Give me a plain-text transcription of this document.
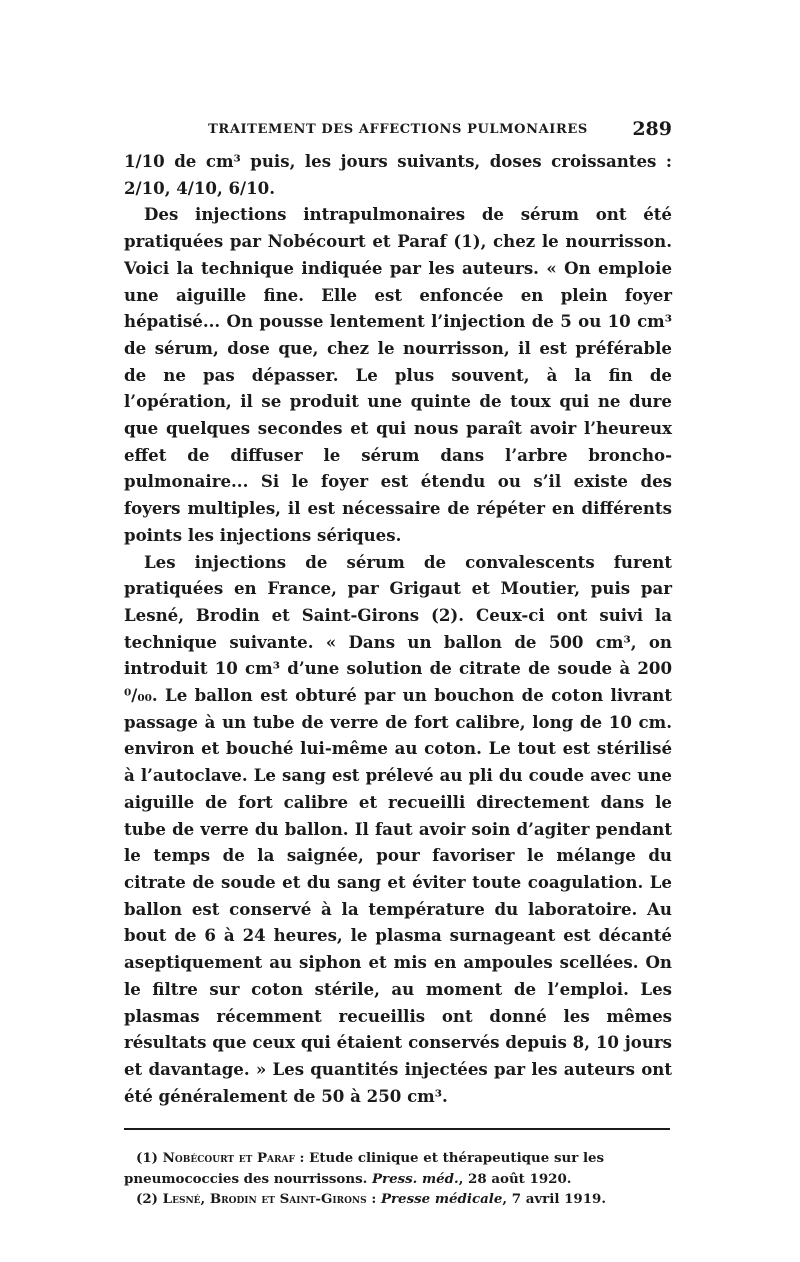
TRAITEMENT DES AFFECTIONS PULMONAIRES	289

1/10 de cm³ puis, les jours suivants, doses croissantes : 2/10, 4/10, 6/10.

Des injections intrapulmonaires de sérum ont été pratiquées par Nobécourt et Paraf (1), chez le nourrisson. Voici la technique indiquée par les auteurs. « On emploie une aiguille fine. Elle est enfoncée en plein foyer hépatisé... On pousse lentement l’injection de 5 ou 10 cm³ de sérum, dose que, chez le nourrisson, il est préférable de ne pas dépasser. Le plus souvent, à la fin de l’opération, il se produit une quinte de toux qui ne dure que quelques secondes et qui nous paraît avoir l’heureux effet de diffuser le sérum dans l’arbre broncho-pulmonaire... Si le foyer est étendu ou s’il existe des foyers multiples, il est nécessaire de répéter en différents points les injections sériques.

Les injections de sérum de convalescents furent pratiquées en France, par Grigaut et Moutier, puis par Lesné, Brodin et Saint-Girons (2). Ceux-ci ont suivi la technique suivante. « Dans un ballon de 500 cm³, on introduit 10 cm³ d’une solution de citrate de soude à 200 ⁰/₀₀. Le ballon est obturé par un bouchon de coton livrant passage à un tube de verre de fort calibre, long de 10 cm. environ et bouché lui-même au coton. Le tout est stérilisé à l’autoclave. Le sang est prélevé au pli du coude avec une aiguille de fort calibre et recueilli directement dans le tube de verre du ballon. Il faut avoir soin d’agiter pendant le temps de la saignée, pour favoriser le mélange du citrate de soude et du sang et éviter toute coagulation. Le ballon est conservé à la température du laboratoire. Au bout de 6 à 24 heures, le plasma surnageant est décanté aseptiquement au siphon et mis en ampoules scellées. On le filtre sur coton stérile, au moment de l’emploi. Les plasmas récemment recueillis ont donné les mêmes résultats que ceux qui étaient conservés depuis 8, 10 jours et davantage. » Les quantités injectées par les auteurs ont été généralement de 50 à 250 cm³.

(1) Nobécourt et Paraf : Etude clinique et thérapeutique sur les pneumococcies des nourrissons. Press. méd., 28 août 1920.

(2) Lesné, Brodin et Saint-Girons : Presse médicale, 7 avril 1919.
